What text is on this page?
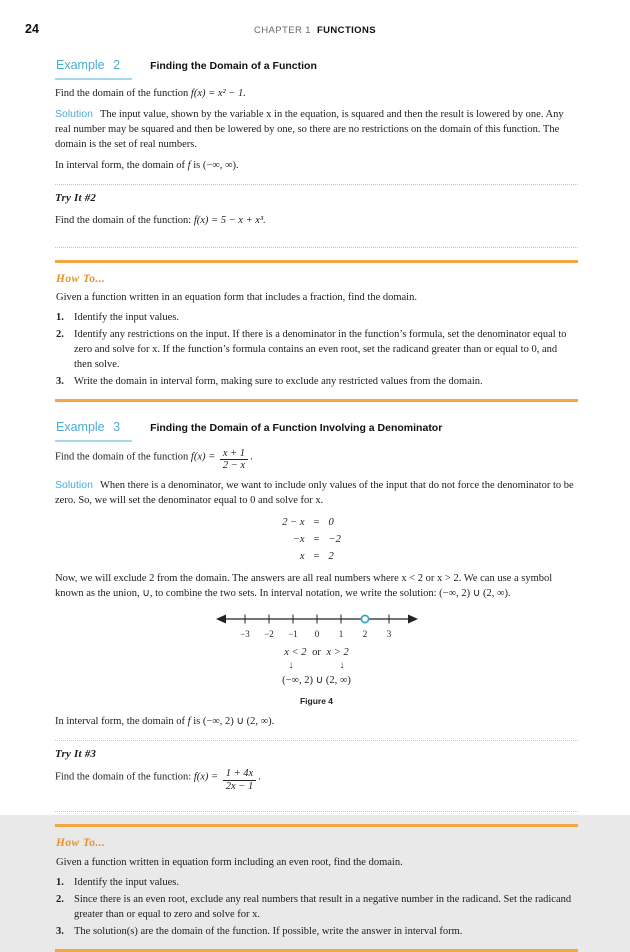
24	CHAPTER 1 FUNCTIONS
Example 2	Finding the Domain of a Function

Find the domain of the function f(x) = x² − 1.

Solution The input value, shown by the variable x in the equation, is squared and then the result is lowered by one. Any real number may be squared and then be lowered by one, so there are no restrictions on the domain of this function. The domain is the set of real numbers.

In interval form, the domain of f is (−∞, ∞).

Try It #2

Find the domain of the function: f(x) = 5 − x + x³.

How To...
Given a function written in an equation form that includes a fraction, find the domain.
1. Identify the input values.
2. Identify any restrictions on the input. If there is a denominator in the function’s formula, set the denominator equal to zero and solve for x. If the function’s formula contains an even root, set the radicand greater than or equal to 0, and then solve.
3. Write the domain in interval form, making sure to exclude any restricted values from the domain.
Example 3	Finding the Domain of a Function Involving a Denominator

Find the domain of the function $f(x) = \frac{x + 1}{2 - x}$ .

Solution When there is a denominator, we want to include only values of the input that do not force the denominator to be zero. So, we will set the denominator equal to 0 and solve for x.

2 − x = 0
−x = −2
x = 2

Now, we will exclude 2 from the domain. The answers are all real numbers where x < 2 or x > 2. We can use a symbol known as the union, ∪, to combine the two sets. In interval notation, we write the solution: (−∞, 2) ∪ (2, ∞).

−3 −2 −1 0 1 2 3
x < 2 or x > 2
↓	↓
(−∞, 2) ∪ (2, ∞)
Figure 4

In interval form, the domain of f is (−∞, 2) ∪ (2, ∞).

Try It #3

Find the domain of the function: $f(x) = \frac{1 + 4x}{2x - 1}$ .

How To...
Given a function written in equation form including an even root, find the domain.
1. Identify the input values.
2. Since there is an even root, exclude any real numbers that result in a negative number in the radicand. Set the radicand greater than or equal to zero and solve for x.
3. The solution(s) are the domain of the function. If possible, write the answer in interval form.
